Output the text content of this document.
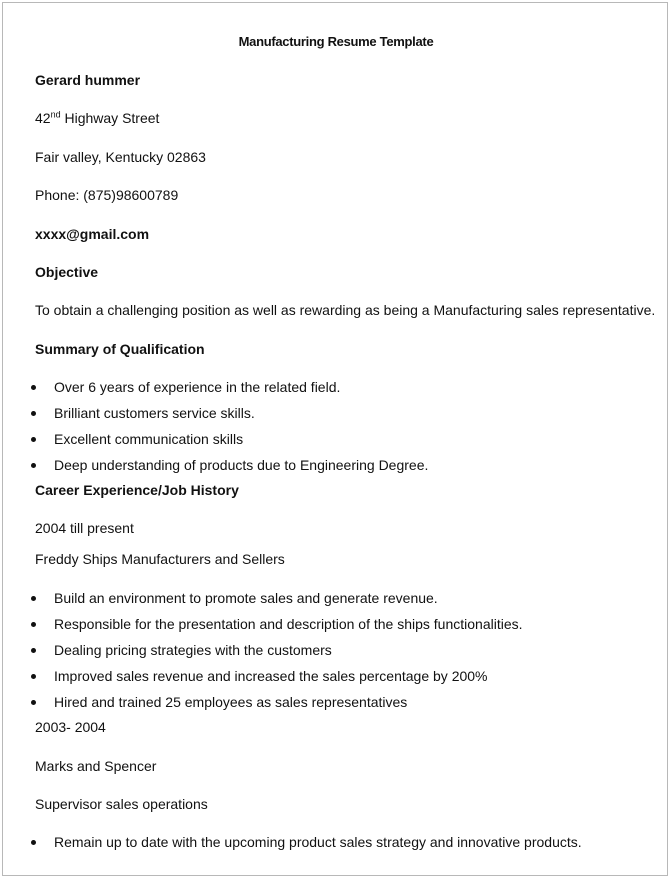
Manufacturing Resume Template
Gerard hummer
42nd Highway Street
Fair valley, Kentucky 02863
Phone: (875)98600789
xxxx@gmail.com
Objective
To obtain a challenging position as well as rewarding as being a Manufacturing sales representative.
Summary of Qualification
Over 6 years of experience in the related field.
Brilliant customers service skills.
Excellent communication skills
Deep understanding of products due to Engineering Degree.
Career Experience/Job History
2004 till present
Freddy Ships Manufacturers and Sellers
Build an environment to promote sales and generate revenue.
Responsible for the presentation and description of the ships functionalities.
Dealing pricing strategies with the customers
Improved sales revenue and increased the sales percentage by 200%
Hired and trained 25 employees as sales representatives
2003- 2004
Marks and Spencer
Supervisor sales operations
Remain up to date with the upcoming product sales strategy and innovative products.
